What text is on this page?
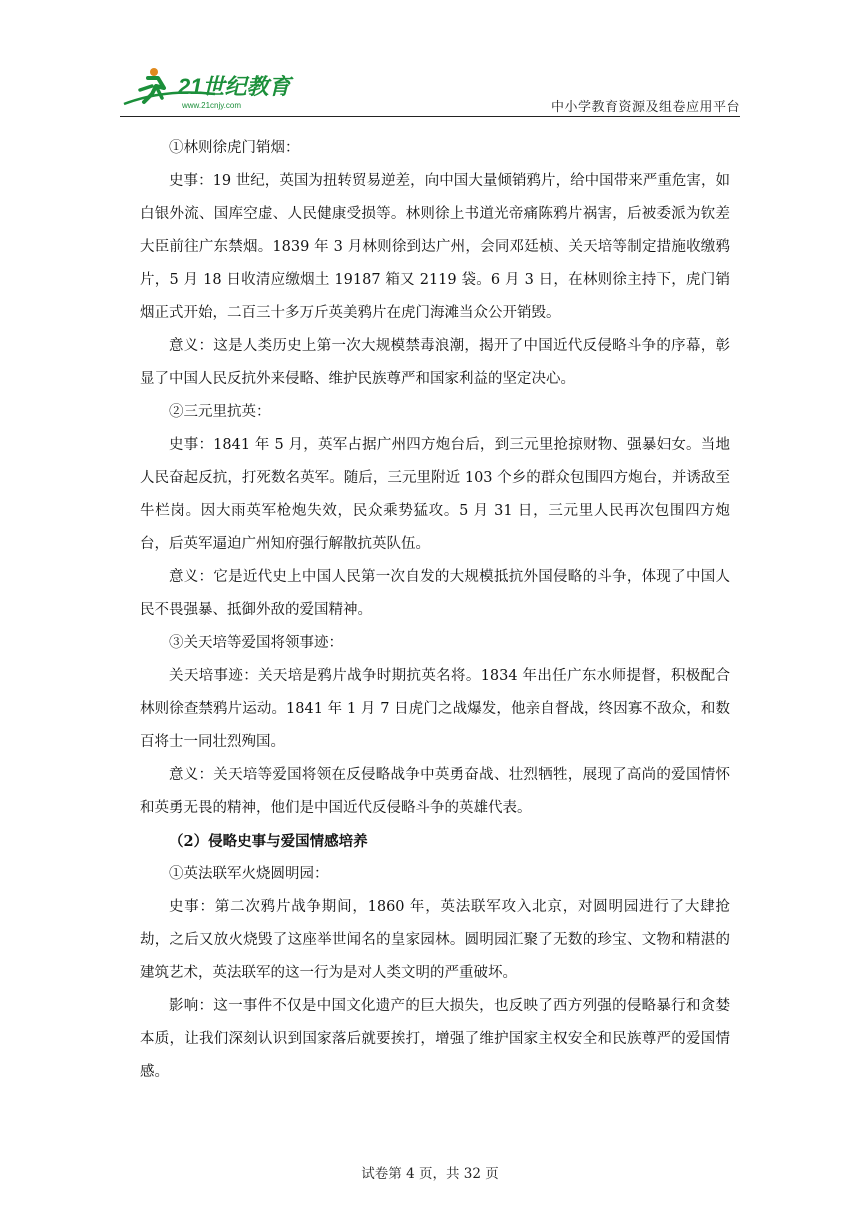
21世纪教育
www.21cnjy.com	中小学教育资源及组卷应用平台

①林则徐虎门销烟：

史事：19 世纪，英国为扭转贸易逆差，向中国大量倾销鸦片，给中国带来严重危害，如白银外流、国库空虚、人民健康受损等。林则徐上书道光帝痛陈鸦片祸害，后被委派为钦差大臣前往广东禁烟。1839 年 3 月林则徐到达广州，会同邓廷桢、关天培等制定措施收缴鸦片，5 月 18 日收清应缴烟土 19187 箱又 2119 袋。6 月 3 日，在林则徐主持下，虎门销烟正式开始，二百三十多万斤英美鸦片在虎门海滩当众公开销毁。

意义：这是人类历史上第一次大规模禁毒浪潮，揭开了中国近代反侵略斗争的序幕，彰显了中国人民反抗外来侵略、维护民族尊严和国家利益的坚定决心。

②三元里抗英：

史事：1841 年 5 月，英军占据广州四方炮台后，到三元里抢掠财物、强暴妇女。当地人民奋起反抗，打死数名英军。随后，三元里附近 103 个乡的群众包围四方炮台，并诱敌至牛栏岗。因大雨英军枪炮失效，民众乘势猛攻。5 月 31 日，三元里人民再次包围四方炮台，后英军逼迫广州知府强行解散抗英队伍。

意义：它是近代史上中国人民第一次自发的大规模抵抗外国侵略的斗争，体现了中国人民不畏强暴、抵御外敌的爱国精神。

③关天培等爱国将领事迹：

关天培事迹：关天培是鸦片战争时期抗英名将。1834 年出任广东水师提督，积极配合林则徐查禁鸦片运动。1841 年 1 月 7 日虎门之战爆发，他亲自督战，终因寡不敌众，和数百将士一同壮烈殉国。

意义：关天培等爱国将领在反侵略战争中英勇奋战、壮烈牺牲，展现了高尚的爱国情怀和英勇无畏的精神，他们是中国近代反侵略斗争的英雄代表。

（2）侵略史事与爱国情感培养

①英法联军火烧圆明园：

史事：第二次鸦片战争期间，1860 年，英法联军攻入北京，对圆明园进行了大肆抢劫，之后又放火烧毁了这座举世闻名的皇家园林。圆明园汇聚了无数的珍宝、文物和精湛的建筑艺术，英法联军的这一行为是对人类文明的严重破坏。

影响：这一事件不仅是中国文化遗产的巨大损失，也反映了西方列强的侵略暴行和贪婪本质，让我们深刻认识到国家落后就要挨打，增强了维护国家主权安全和民族尊严的爱国情感。

试卷第 4 页，共 32 页
